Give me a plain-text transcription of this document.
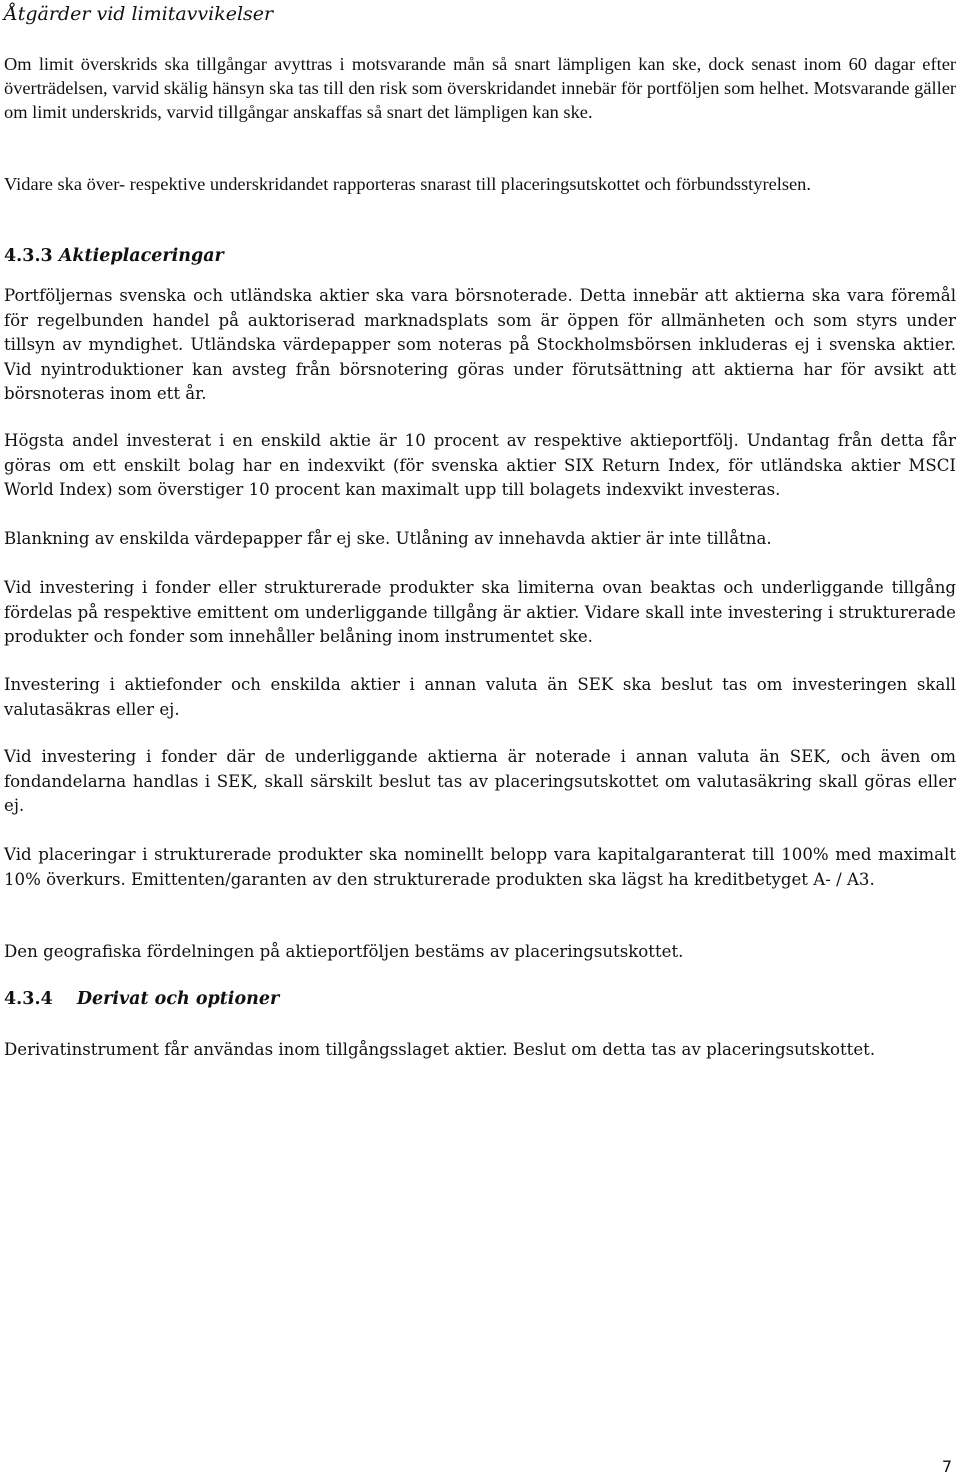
Åtgärder vid limitavvikelser

Om limit överskrids ska tillgångar avyttras i motsvarande mån så snart lämpligen kan ske, dock senast inom 60 dagar efter överträdelsen, varvid skälig hänsyn ska tas till den risk som överskridandet innebär för portföljen som helhet. Motsvarande gäller om limit underskrids, varvid tillgångar anskaffas så snart det lämpligen kan ske.

Vidare ska över- respektive underskridandet rapporteras snarast till placeringsutskottet och förbundsstyrelsen.

4.3.3 Aktieplaceringar

Portföljernas svenska och utländska aktier ska vara börsnoterade. Detta innebär att aktierna ska vara föremål för regelbunden handel på auktoriserad marknadsplats som är öppen för allmänheten och som styrs under tillsyn av myndighet. Utländska värdepapper som noteras på Stockholmsbörsen inkluderas ej i svenska aktier. Vid nyintroduktioner kan avsteg från börsnotering göras under förutsättning att aktierna har för avsikt att börsnoteras inom ett år.

Högsta andel investerat i en enskild aktie är 10 procent av respektive aktieportfölj. Undantag från detta får göras om ett enskilt bolag har en indexvikt (för svenska aktier SIX Return Index, för utländska aktier MSCI World Index) som överstiger 10 procent kan maximalt upp till bolagets indexvikt investeras.

Blankning av enskilda värdepapper får ej ske. Utlåning av innehavda aktier är inte tillåtna.

Vid investering i fonder eller strukturerade produkter ska limiterna ovan beaktas och underliggande tillgång fördelas på respektive emittent om underliggande tillgång är aktier. Vidare skall inte investering i strukturerade produkter och fonder som innehåller belåning inom instrumentet ske.

Investering i aktiefonder och enskilda aktier i annan valuta än SEK ska beslut tas om investeringen skall valutasäkras eller ej.

Vid investering i fonder där de underliggande aktierna är noterade i annan valuta än SEK, och även om fondandelarna handlas i SEK, skall särskilt beslut tas av placeringsutskottet om valutasäkring skall göras eller ej.

Vid placeringar i strukturerade produkter ska nominellt belopp vara kapitalgaranterat till 100% med maximalt 10% överkurs. Emittenten/garanten av den strukturerade produkten ska lägst ha kreditbetyget A- / A3.

Den geografiska fördelningen på aktieportföljen bestäms av placeringsutskottet.

4.3.4 Derivat och optioner

Derivatinstrument får användas inom tillgångsslaget aktier. Beslut om detta tas av placeringsutskottet.

7
